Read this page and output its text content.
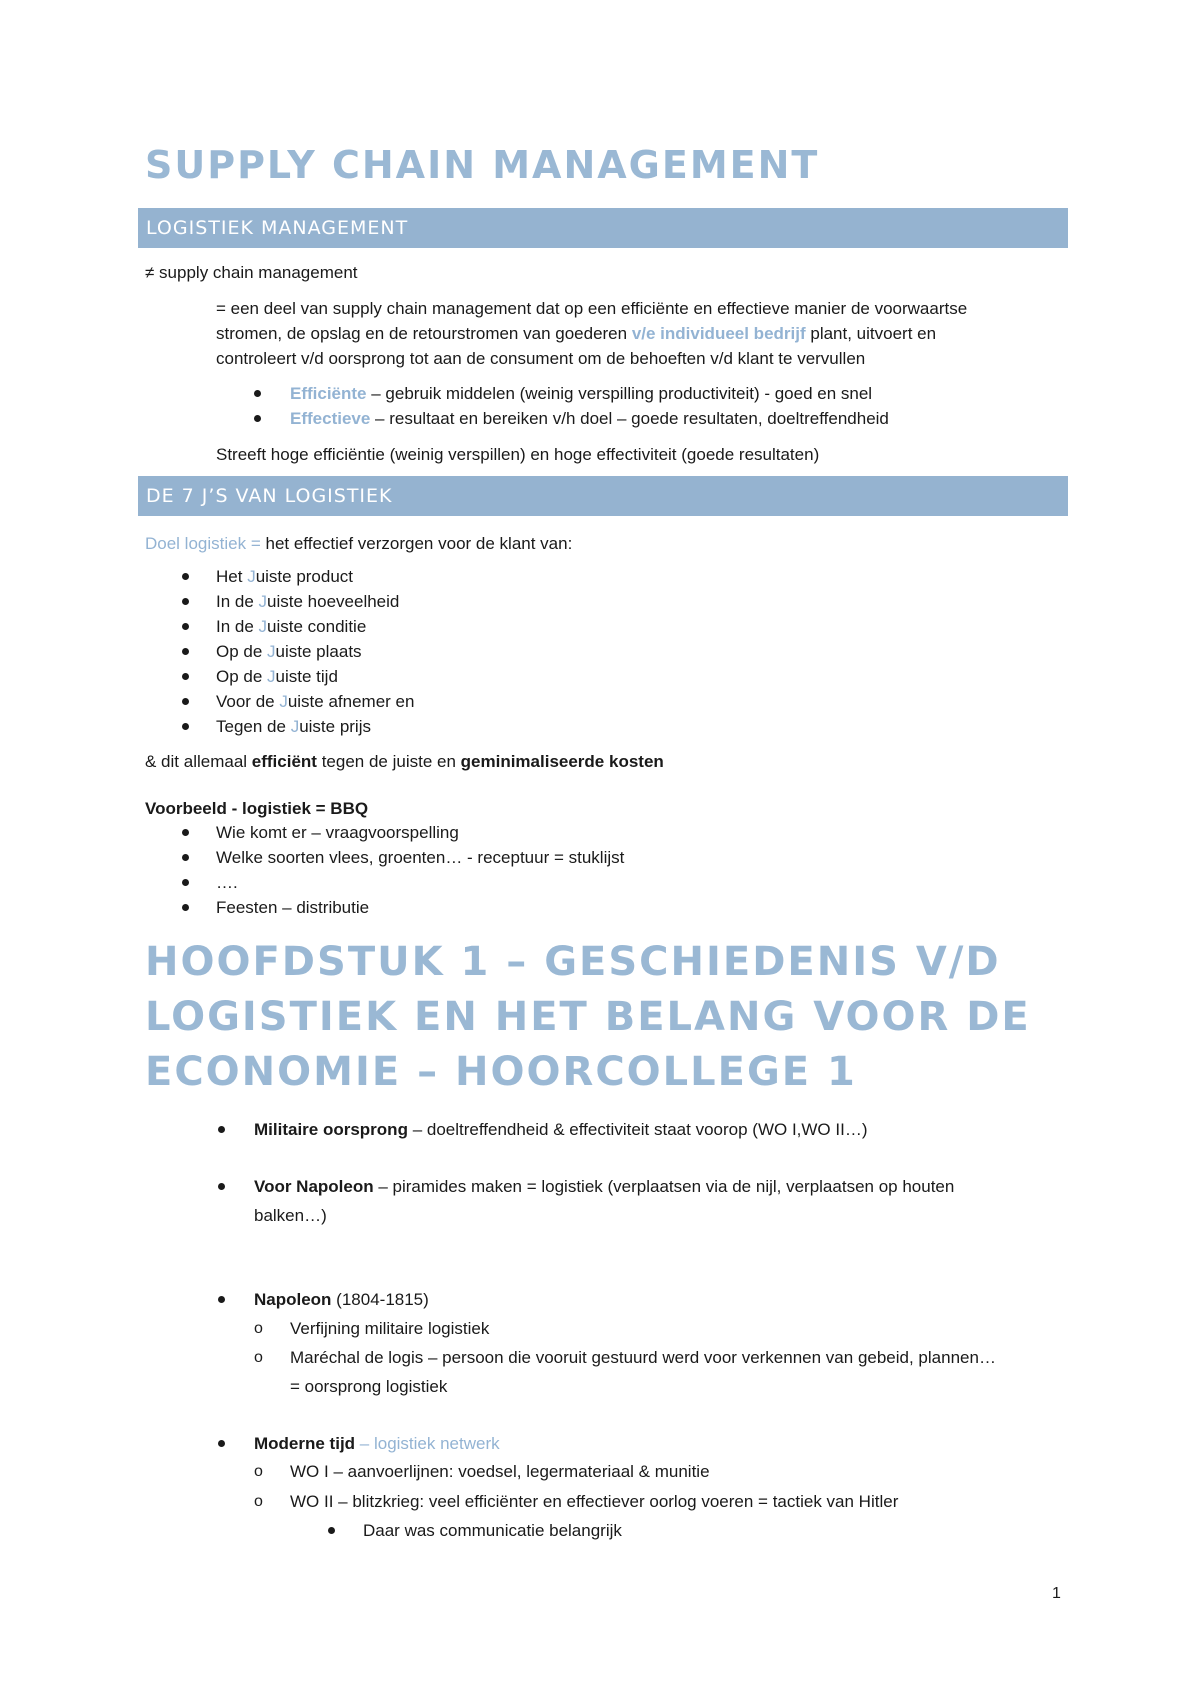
SUPPLY CHAIN MANAGEMENT
LOGISTIEK MANAGEMENT
≠ supply chain management
= een deel van supply chain management dat op een efficiënte en effectieve manier de voorwaartse
stromen, de opslag en de retourstromen van goederen v/e individueel bedrijf plant, uitvoert en
controleert v/d oorsprong tot aan de consument om de behoeften v/d klant te vervullen
Efficiënte – gebruik middelen (weinig verspilling productiviteit) - goed en snel
Effectieve – resultaat en bereiken v/h doel – goede resultaten, doeltreffendheid
Streeft hoge efficiëntie (weinig verspillen) en hoge effectiviteit (goede resultaten)
DE 7 J’S VAN LOGISTIEK
Doel logistiek = het effectief verzorgen voor de klant van:
Het Juiste product
In de Juiste hoeveelheid
In de Juiste conditie
Op de Juiste plaats
Op de Juiste tijd
Voor de Juiste afnemer en
Tegen de Juiste prijs
& dit allemaal efficiënt tegen de juiste en geminimaliseerde kosten
Voorbeeld - logistiek = BBQ
Wie komt er – vraagvoorspelling
Welke soorten vlees, groenten… - receptuur = stuklijst
….
Feesten – distributie
HOOFDSTUK 1 – GESCHIEDENIS V/D LOGISTIEK EN HET BELANG VOOR DE ECONOMIE – HOORCOLLEGE 1
Militaire oorsprong – doeltreffendheid & effectiviteit staat voorop (WO I,WO II…)
Voor Napoleon – piramides maken = logistiek (verplaatsen via de nijl, verplaatsen op houten
balken…)
Napoleon (1804-1815)
o Verfijning militaire logistiek
o Maréchal de logis – persoon die vooruit gestuurd werd voor verkennen van gebeid, plannen…
= oorsprong logistiek
Moderne tijd – logistiek netwerk
o WO I – aanvoerlijnen: voedsel, legermateriaal & munitie
o WO II – blitzkrieg: veel efficiënter en effectiever oorlog voeren = tactiek van Hitler
Daar was communicatie belangrijk
1
